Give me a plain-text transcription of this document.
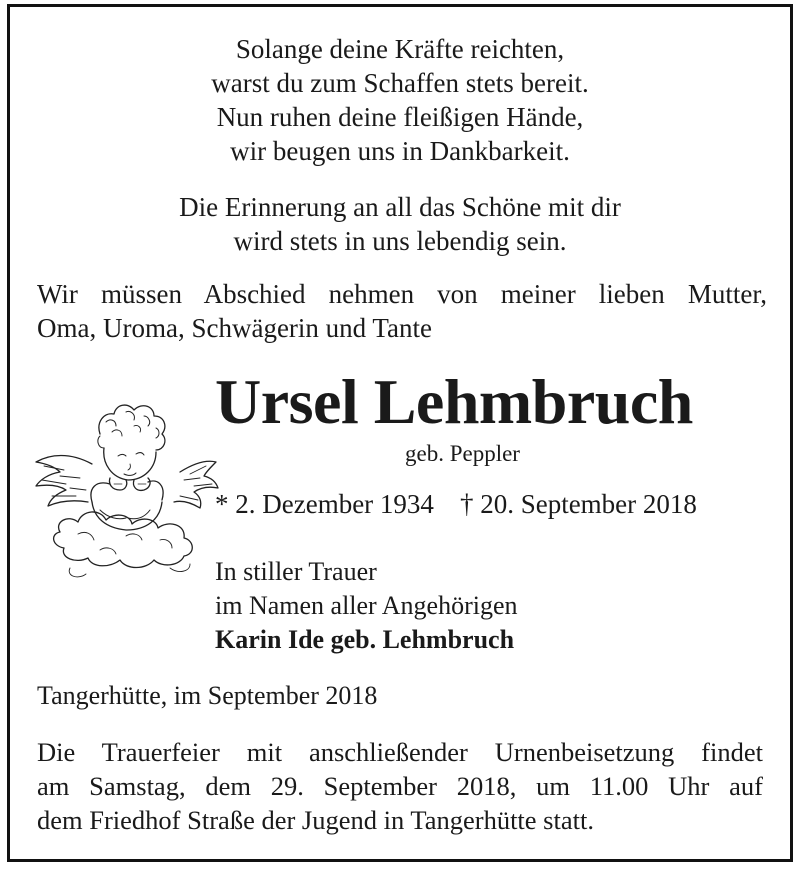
Solange deine Kräfte reichten,
warst du zum Schaffen stets bereit.
Nun ruhen deine fleißigen Hände,
wir beugen uns in Dankbarkeit.
Die Erinnerung an all das Schöne mit dir
wird stets in uns lebendig sein.
Wir müssen Abschied nehmen von meiner lieben Mutter,
Oma, Uroma, Schwägerin und Tante
Ursel Lehmbruch
geb. Peppler
* 2. Dezember 1934 † 20. September 2018
In stiller Trauer
im Namen aller Angehörigen
Karin Ide geb. Lehmbruch
Tangerhütte, im September 2018
Die Trauerfeier mit anschließender Urnenbeisetzung findet
am Samstag, dem 29. September 2018, um 11.00 Uhr auf
dem Friedhof Straße der Jugend in Tangerhütte statt.
